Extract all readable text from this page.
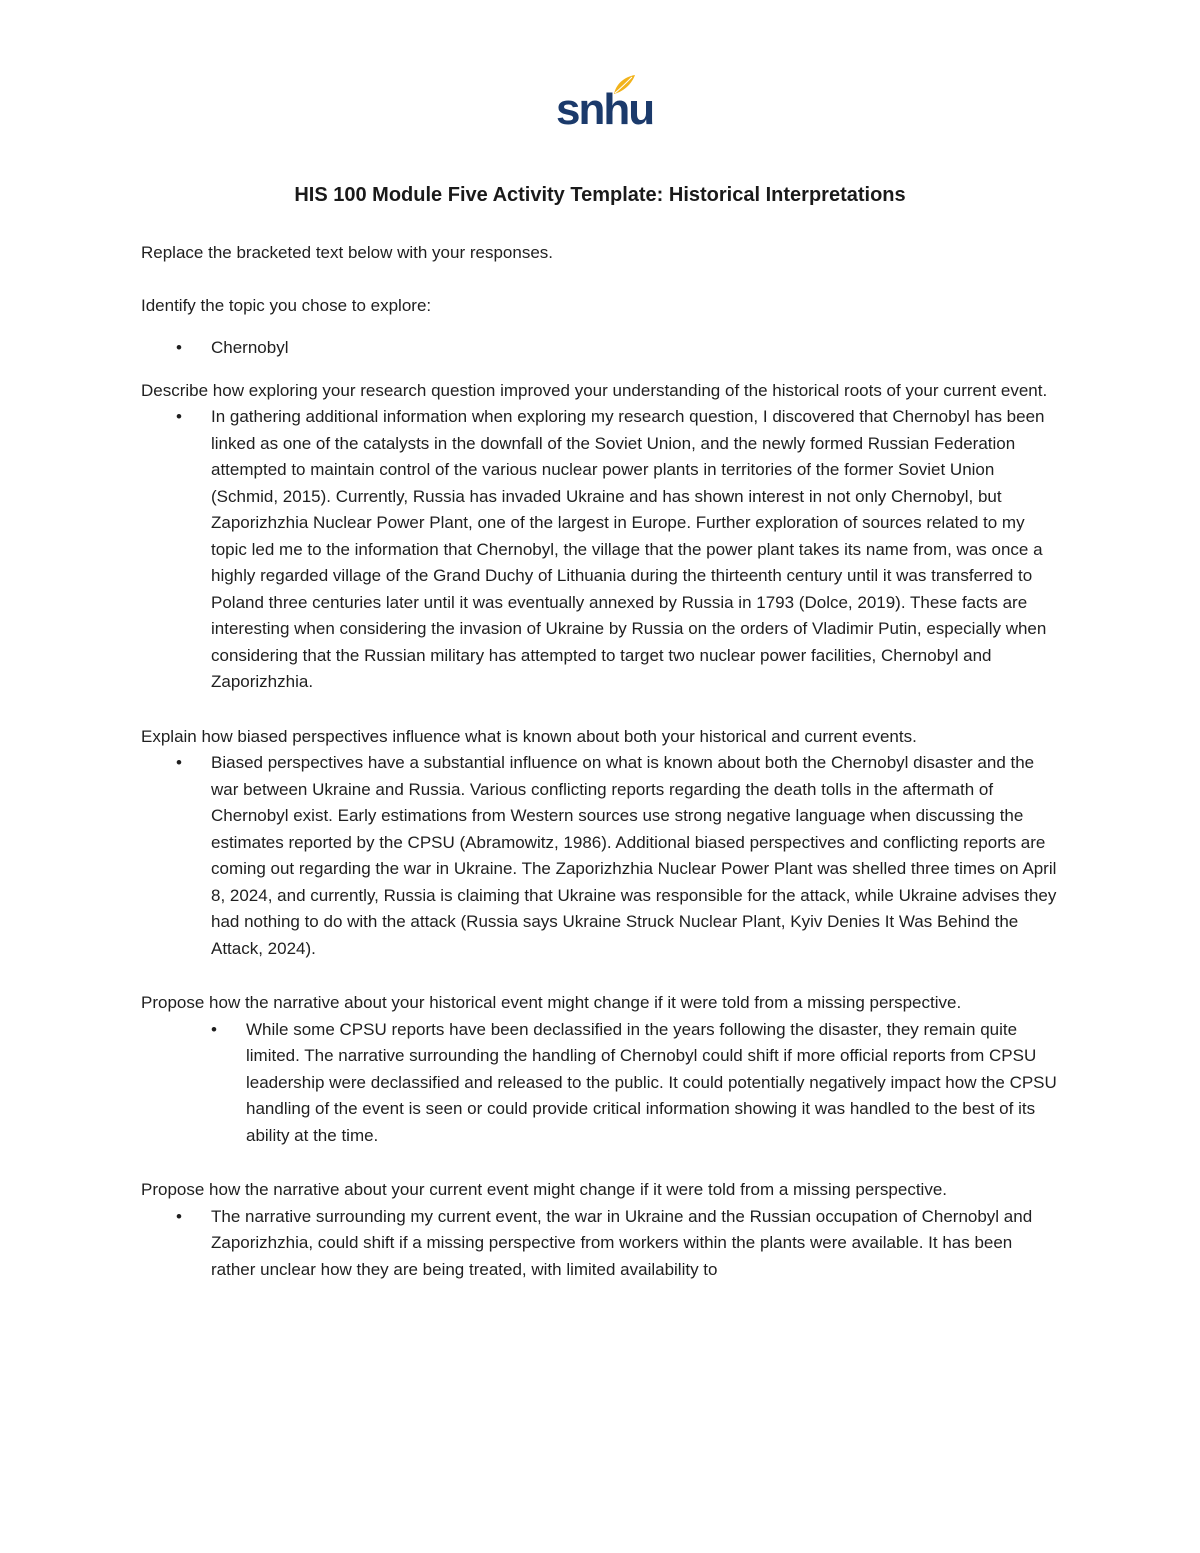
snhu
HIS 100 Module Five Activity Template: Historical Interpretations

Replace the bracketed text below with your responses.

Identify the topic you chose to explore:

• Chernobyl

Describe how exploring your research question improved your understanding of the historical roots of your current event.

• In gathering additional information when exploring my research question, I discovered that Chernobyl has been linked as one of the catalysts in the downfall of the Soviet Union, and the newly formed Russian Federation attempted to maintain control of the various nuclear power plants in territories of the former Soviet Union (Schmid, 2015). Currently, Russia has invaded Ukraine and has shown interest in not only Chernobyl, but Zaporizhzhia Nuclear Power Plant, one of the largest in Europe. Further exploration of sources related to my topic led me to the information that Chernobyl, the village that the power plant takes its name from, was once a highly regarded village of the Grand Duchy of Lithuania during the thirteenth century until it was transferred to Poland three centuries later until it was eventually annexed by Russia in 1793 (Dolce, 2019). These facts are interesting when considering the invasion of Ukraine by Russia on the orders of Vladimir Putin, especially when considering that the Russian military has attempted to target two nuclear power facilities, Chernobyl and Zaporizhzhia.

Explain how biased perspectives influence what is known about both your historical and current events.

• Biased perspectives have a substantial influence on what is known about both the Chernobyl disaster and the war between Ukraine and Russia. Various conflicting reports regarding the death tolls in the aftermath of Chernobyl exist. Early estimations from Western sources use strong negative language when discussing the estimates reported by the CPSU (Abramowitz, 1986). Additional biased perspectives and conflicting reports are coming out regarding the war in Ukraine. The Zaporizhzhia Nuclear Power Plant was shelled three times on April 8, 2024, and currently, Russia is claiming that Ukraine was responsible for the attack, while Ukraine advises they had nothing to do with the attack (Russia says Ukraine Struck Nuclear Plant, Kyiv Denies It Was Behind the Attack, 2024).

Propose how the narrative about your historical event might change if it were told from a missing perspective.

• While some CPSU reports have been declassified in the years following the disaster, they remain quite limited. The narrative surrounding the handling of Chernobyl could shift if more official reports from CPSU leadership were declassified and released to the public. It could potentially negatively impact how the CPSU handling of the event is seen or could provide critical information showing it was handled to the best of its ability at the time.

Propose how the narrative about your current event might change if it were told from a missing perspective.

• The narrative surrounding my current event, the war in Ukraine and the Russian occupation of Chernobyl and Zaporizhzhia, could shift if a missing perspective from workers within the plants were available. It has been rather unclear how they are being treated, with limited availability to
